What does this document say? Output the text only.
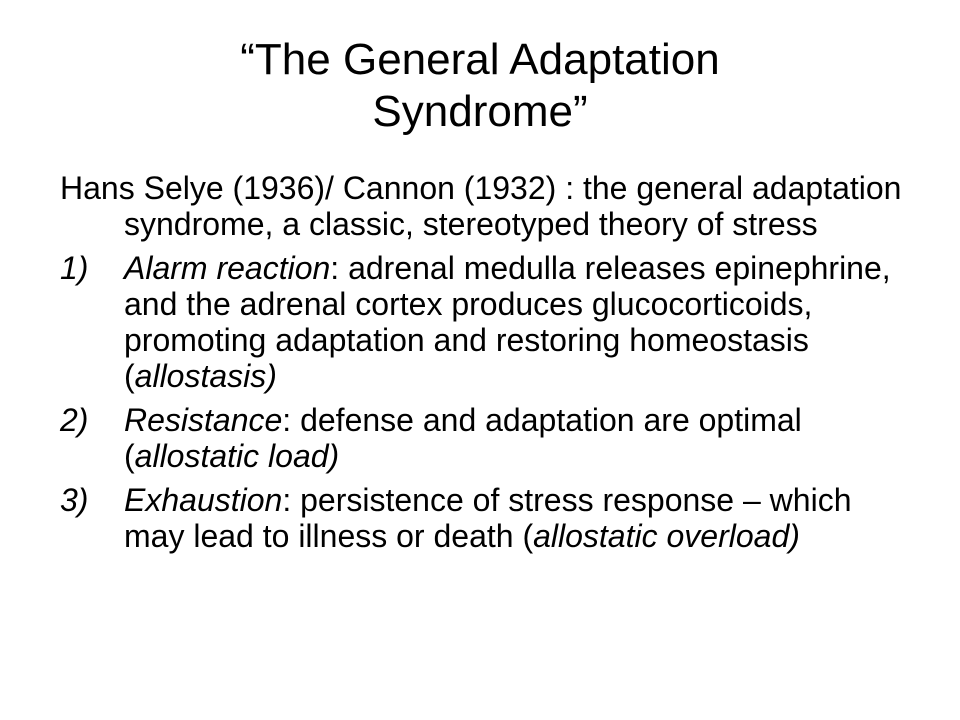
“The General Adaptation
Syndrome”

Hans Selye (1936)/ Cannon (1932) : the general adaptation syndrome, a classic, stereotyped theory of stress

1)	Alarm reaction: adrenal medulla releases epinephrine, and the adrenal cortex produces glucocorticoids, promoting adaptation and restoring homeostasis (allostasis)
2)	Resistance: defense and adaptation are optimal (allostatic load)
3)	Exhaustion: persistence of stress response – which may lead to illness or death (allostatic overload)
